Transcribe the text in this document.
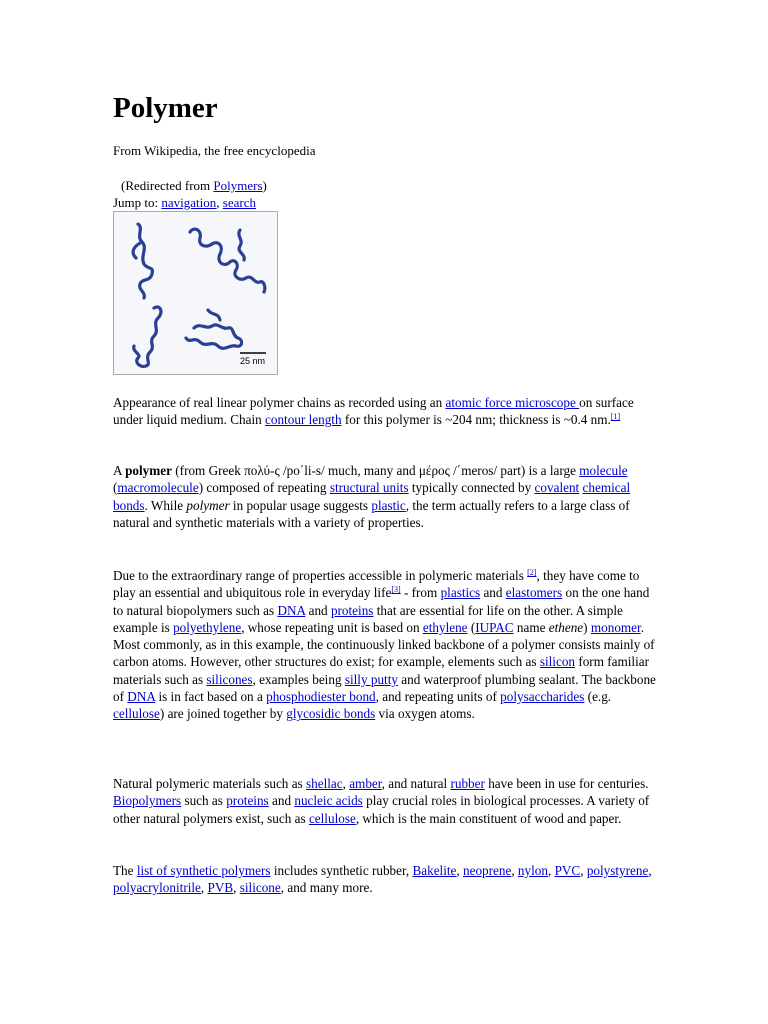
Polymer
From Wikipedia, the free encyclopedia
(Redirected from Polymers)
Jump to: navigation, search
25 nm

Appearance of real linear polymer chains as recorded using an atomic force microscope on surface under liquid medium. Chain contour length for this polymer is ~204 nm; thickness is ~0.4 nm.[1]

A polymer (from Greek πολύ-ς /po΄li-s/ much, many and μέρος /΄meros/ part) is a large molecule (macromolecule) composed of repeating structural units typically connected by covalent chemical bonds. While polymer in popular usage suggests plastic, the term actually refers to a large class of natural and synthetic materials with a variety of properties.

Due to the extraordinary range of properties accessible in polymeric materials [2], they have come to play an essential and ubiquitous role in everyday life[3] - from plastics and elastomers on the one hand to natural biopolymers such as DNA and proteins that are essential for life on the other. A simple example is polyethylene, whose repeating unit is based on ethylene (IUPAC name ethene) monomer. Most commonly, as in this example, the continuously linked backbone of a polymer consists mainly of carbon atoms. However, other structures do exist; for example, elements such as silicon form familiar materials such as silicones, examples being silly putty and waterproof plumbing sealant. The backbone of DNA is in fact based on a phosphodiester bond, and repeating units of polysaccharides (e.g. cellulose) are joined together by glycosidic bonds via oxygen atoms.

Natural polymeric materials such as shellac, amber, and natural rubber have been in use for centuries. Biopolymers such as proteins and nucleic acids play crucial roles in biological processes. A variety of other natural polymers exist, such as cellulose, which is the main constituent of wood and paper.

The list of synthetic polymers includes synthetic rubber, Bakelite, neoprene, nylon, PVC, polystyrene, polyacrylonitrile, PVB, silicone, and many more.
